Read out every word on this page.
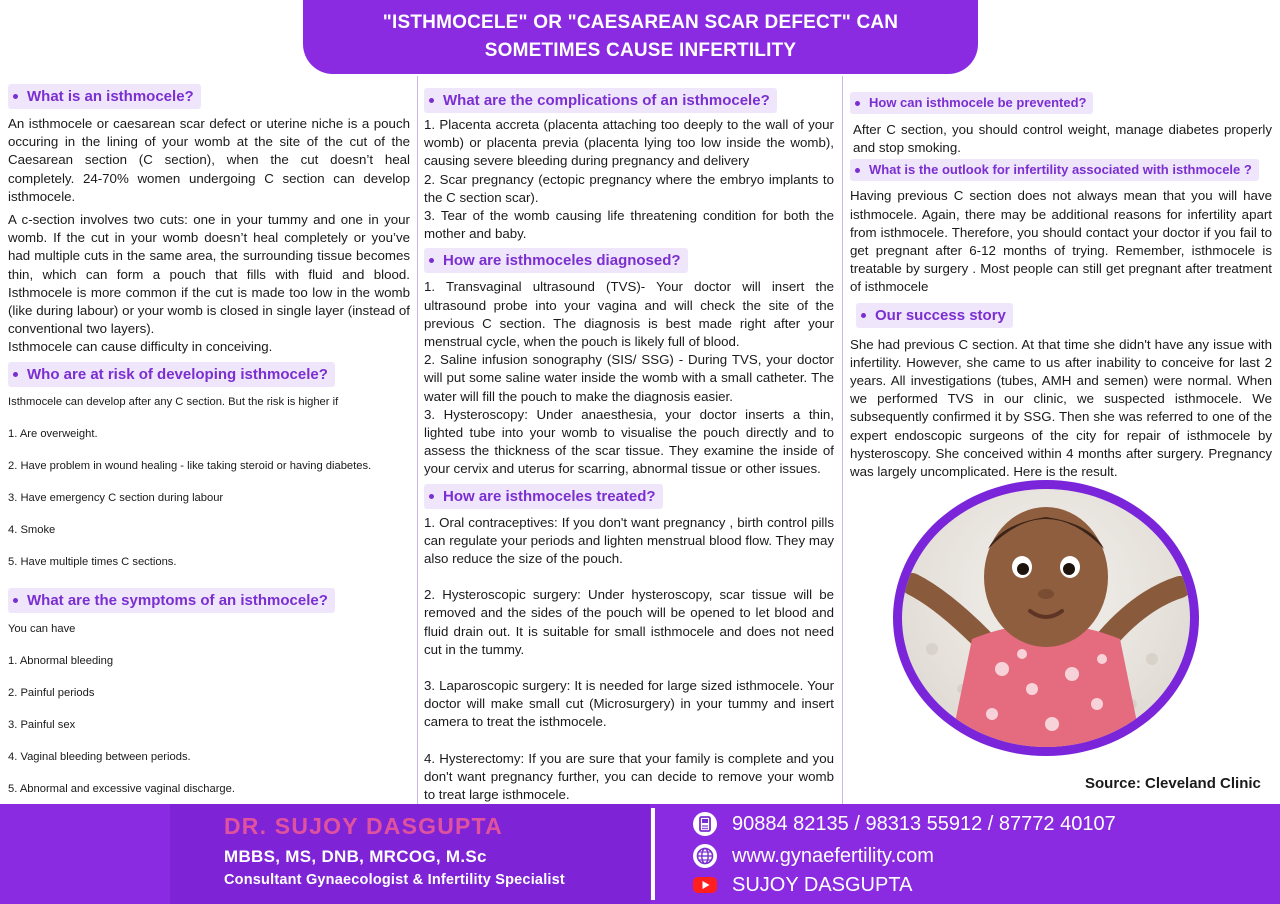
"ISTHMOCELE" OR "CAESAREAN SCAR DEFECT" CAN
SOMETIMES CAUSE INFERTILITY
What is an isthmocele?

An isthmocele or caesarean scar defect or uterine niche is a pouch occuring in the lining of your womb at the site of the cut of the Caesarean section (C section), when the cut doesn’t heal completely. 24-70% women undergoing C section can develop isthmocele.

A c-section involves two cuts: one in your tummy and one in your womb. If the cut in your womb doesn’t heal completely or you’ve had multiple cuts in the same area, the surrounding tissue becomes thin, which can form a pouch that fills with fluid and blood. Isthmocele is more common if the cut is made too low in the womb (like during labour) or your womb is closed in single layer (instead of conventional two layers).

Isthmocele can cause difficulty in conceiving.

Who are at risk of developing isthmocele?

Isthmocele can develop after any C section. But the risk is higher if

1. Are overweight.

2. Have problem in wound healing - like taking steroid or having diabetes.

3. Have emergency C section during labour

4. Smoke

5. Have multiple times C sections.

What are the symptoms of an isthmocele?

You can have

1. Abnormal bleeding

2. Painful periods

3. Painful sex

4. Vaginal bleeding between periods.

5. Abnormal and excessive vaginal discharge.

What are the complications of an isthmocele?

1. Placenta accreta (placenta attaching too deeply to the wall of your womb) or placenta previa (placenta lying too low inside the womb), causing severe bleeding during pregnancy and delivery

2. Scar pregnancy (ectopic pregnancy where the embryo implants to the C section scar).

3. Tear of the womb causing life threatening condition for both the mother and baby.

How are isthmoceles diagnosed?

1. Transvaginal ultrasound (TVS)- Your doctor will insert the ultrasound probe into your vagina and will check the site of the previous C section. The diagnosis is best made right after your menstrual cycle, when the pouch is likely full of blood.

2. Saline infusion sonography (SIS/ SSG) - During TVS, your doctor will put some saline water inside the womb with a small catheter. The water will fill the pouch to make the diagnosis easier.

3. Hysteroscopy: Under anaesthesia, your doctor inserts a thin, lighted tube into your womb to visualise the pouch directly and to assess the thickness of the scar tissue. They examine the inside of your cervix and uterus for scarring, abnormal tissue or other issues.

How are isthmoceles treated?

1. Oral contraceptives: If you don't want pregnancy , birth control pills can regulate your periods and lighten menstrual blood flow. They may also reduce the size of the pouch.

2. Hysteroscopic surgery: Under hysteroscopy, scar tissue will be removed and the sides of the pouch will be opened to let blood and fluid drain out. It is suitable for small isthmocele and does not need cut in the tummy.

3. Laparoscopic surgery: It is needed for large sized isthmocele. Your doctor will make small cut (Microsurgery) in your tummy and insert camera to treat the isthmocele.

4. Hysterectomy: If you are sure that your family is complete and you don't want pregnancy further, you can decide to remove your womb to treat large isthmocele.

How can isthmocele be prevented?

After C section, you should control weight, manage diabetes properly and stop smoking.

What is the outlook for infertility associated with isthmocele ?

Having previous C section does not always mean that you will have isthmocele. Again, there may be additional reasons for infertility apart from isthmocele. Therefore, you should contact your doctor if you fail to get pregnant after 6-12 months of trying. Remember, isthmocele is treatable by surgery . Most people can still get pregnant after treatment of isthmocele

Our success story

She had previous C section. At that time she didn't have any issue with infertility. However, she came to us after inability to conceive for last 2 years. All investigations (tubes, AMH and semen) were normal. When we performed TVS in our clinic, we suspected isthmocele. We subsequently confirmed it by SSG. Then she was referred to one of the expert endoscopic surgeons of the city for repair of isthmocele by hysteroscopy. She conceived within 4 months after surgery. Pregnancy was largely uncomplicated. Here is the result.

Source: Cleveland Clinic
DR. SUJOY DASGUPTA
MBBS, MS, DNB, MRCOG, M.Sc
Consultant Gynaecologist & Infertility Specialist
90884 82135 / 98313 55912 / 87772 40107
www.gynaefertility.com
SUJOY DASGUPTA
